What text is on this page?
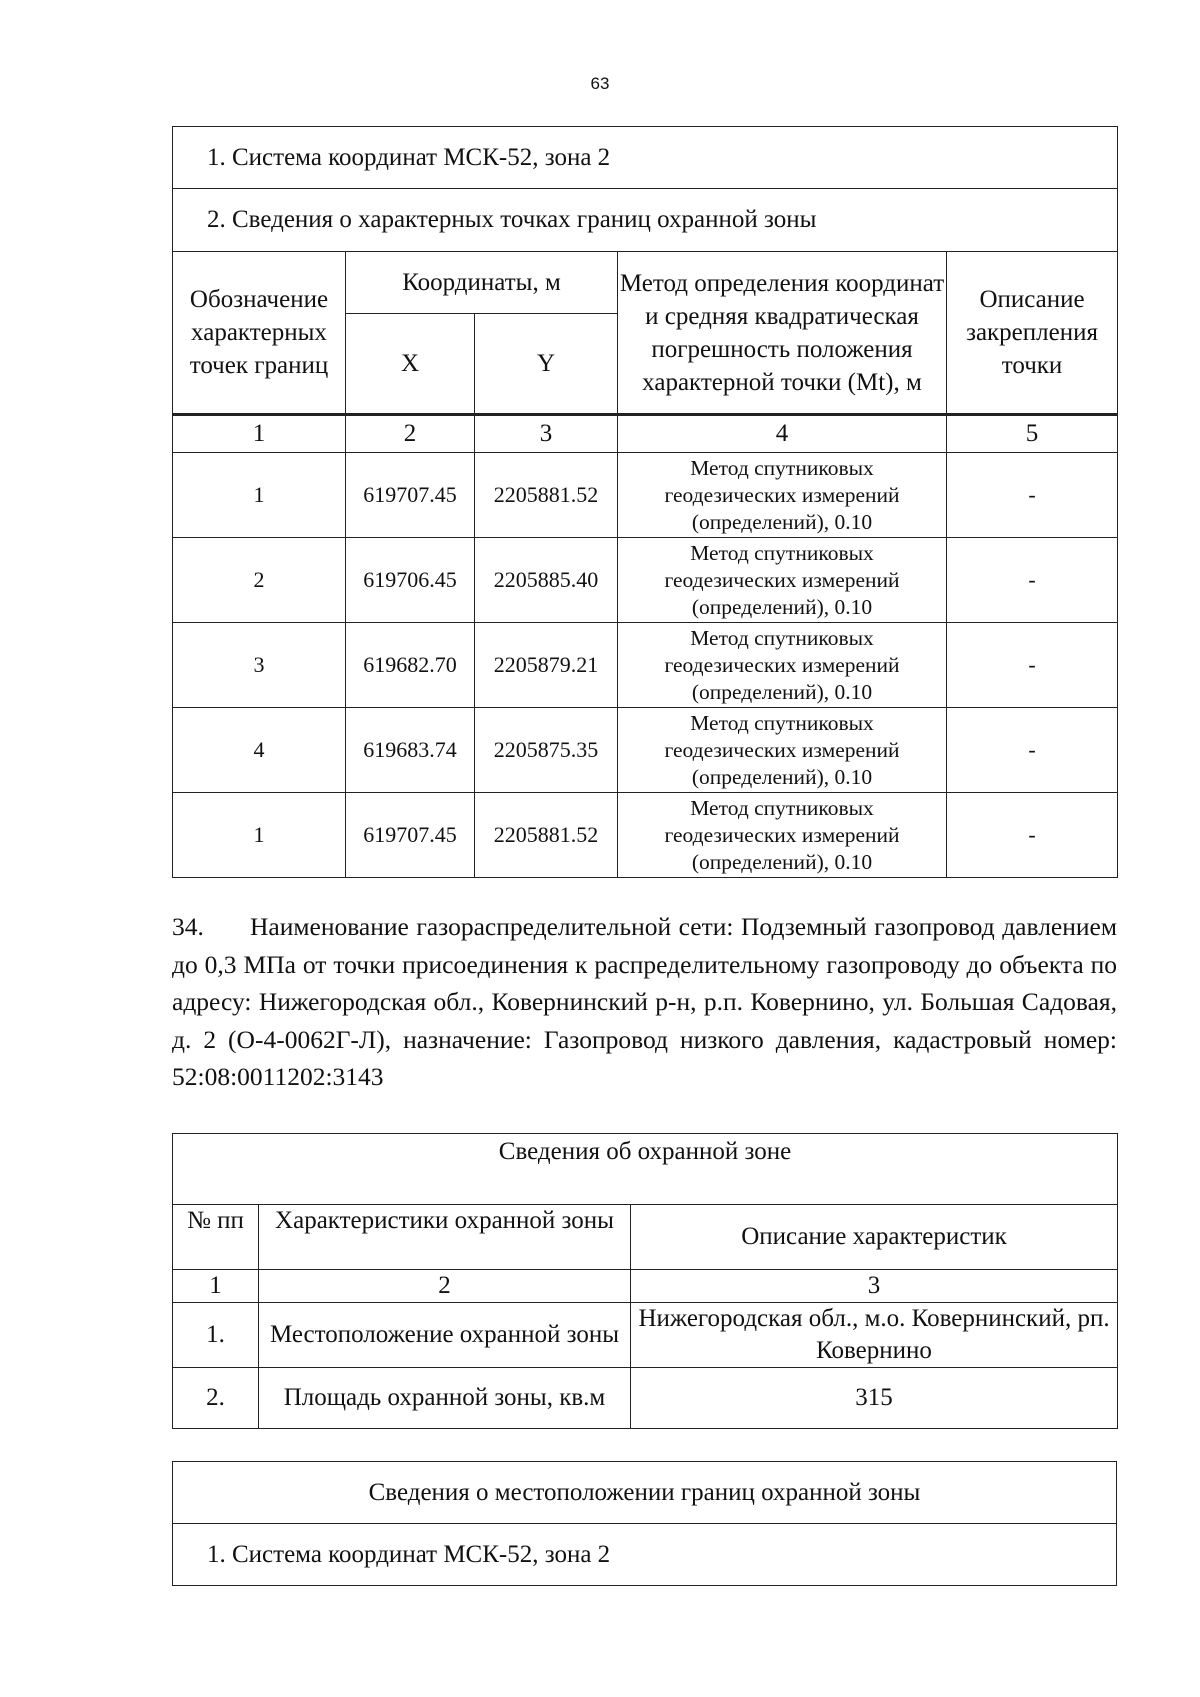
63
1. Система координат МСК-52, зона 2				
2. Сведения о характерных точках границ охранной зоны				
Обозначение характерных точек границ	Координаты, м		Метод определения координат и средняя квадратическая погрешность положения характерной точки (Mt), м	Описание закрепления точки
	X	Y		
1	2	3	4	5
1	619707.45	2205881.52	Метод спутниковых
геодезических измерений
(определений), 0.10	-
2	619706.45	2205885.40	Метод спутниковых
геодезических измерений
(определений), 0.10	-
3	619682.70	2205879.21	Метод спутниковых
геодезических измерений
(определений), 0.10	-
4	619683.74	2205875.35	Метод спутниковых
геодезических измерений
(определений), 0.10	-
1	619707.45	2205881.52	Метод спутниковых
геодезических измерений
(определений), 0.10	-
34. Наименование газораспределительной сети: Подземный газопровод давлением до 0,3 МПа от точки присоединения к распределительному газопроводу до объекта по адресу: Нижегородская обл., Ковернинский р-н, р.п. Ковернино, ул. Большая Садовая, д. 2 (О-4-0062Г-Л), назначение: Газопровод низкого давления, кадастровый номер: 52:08:0011202:3143
Сведения об охранной зоне		
№ пп	Характеристики охранной зоны	Описание характеристик
1	2	3
1.	Местоположение охранной зоны	Нижегородская обл., м.о. Ковернинский, рп. Ковернино
2.	Площадь охранной зоны, кв.м	315
Сведения о местоположении границ охранной зоны
1. Система координат МСК-52, зона 2
